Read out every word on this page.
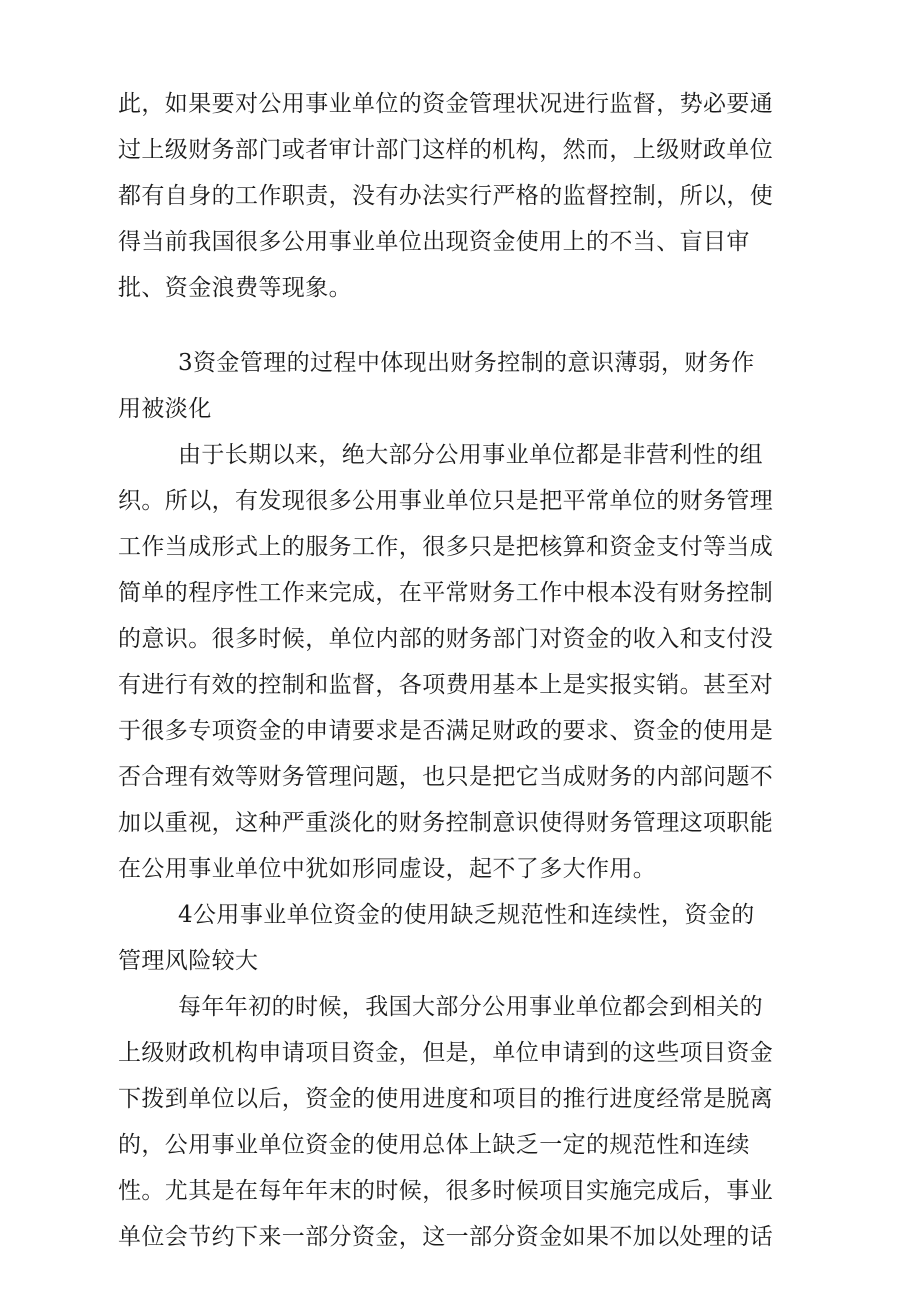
此，如果要对公用事业单位的资金管理状况进行监督，势必要通
过上级财务部门或者审计部门这样的机构，然而，上级财政单位
都有自身的工作职责，没有办法实行严格的监督控制，所以，使
得当前我国很多公用事业单位出现资金使用上的不当、盲目审
批、资金浪费等现象。
3资金管理的过程中体现出财务控制的意识薄弱，财务作
用被淡化
由于长期以来，绝大部分公用事业单位都是非营利性的组
织。所以，有发现很多公用事业单位只是把平常单位的财务管理
工作当成形式上的服务工作，很多只是把核算和资金支付等当成
简单的程序性工作来完成，在平常财务工作中根本没有财务控制
的意识。很多时候，单位内部的财务部门对资金的收入和支付没
有进行有效的控制和监督，各项费用基本上是实报实销。甚至对
于很多专项资金的申请要求是否满足财政的要求、资金的使用是
否合理有效等财务管理问题，也只是把它当成财务的内部问题不
加以重视，这种严重淡化的财务控制意识使得财务管理这项职能
在公用事业单位中犹如形同虚设，起不了多大作用。
4公用事业单位资金的使用缺乏规范性和连续性，资金的
管理风险较大
每年年初的时候，我国大部分公用事业单位都会到相关的
上级财政机构申请项目资金，但是，单位申请到的这些项目资金
下拨到单位以后，资金的使用进度和项目的推行进度经常是脱离
的，公用事业单位资金的使用总体上缺乏一定的规范性和连续
性。尤其是在每年年末的时候，很多时候项目实施完成后，事业
单位会节约下来一部分资金，这一部分资金如果不加以处理的话
